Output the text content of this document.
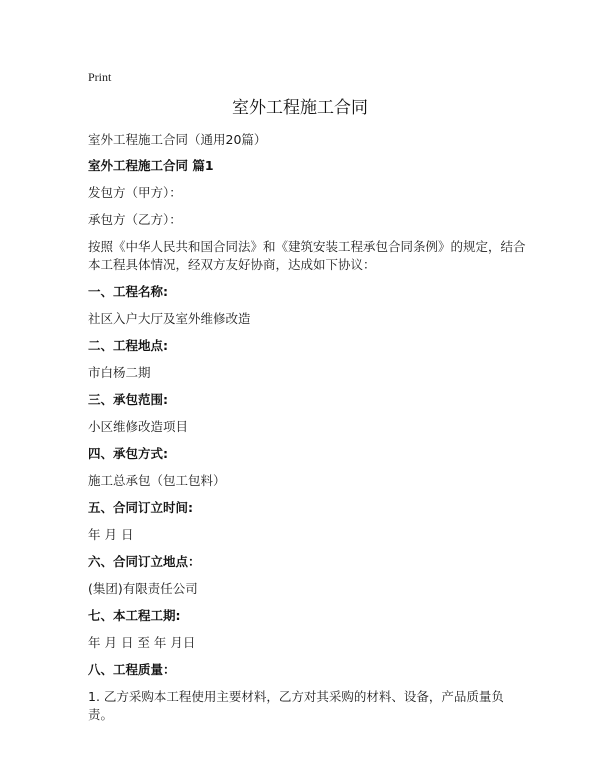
Print
室外工程施工合同

室外工程施工合同（通用20篇）

室外工程施工合同 篇1

发包方（甲方）：

承包方（乙方）：

按照《中华人民共和国合同法》和《建筑安装工程承包合同条例》的规定，结合本工程具体情况，经双方友好协商，达成如下协议：

一、工程名称:

社区入户大厅及室外维修改造

二、工程地点:

市白杨二期

三、承包范围:

小区维修改造项目

四、承包方式:

施工总承包（包工包料）

五、合同订立时间:

年 月 日

六、合同订立地点：

(集团)有限责任公司

七、本工程工期:

年 月 日 至 年 月日

八、工程质量：

1. 乙方采购本工程使用主要材料，乙方对其采购的材料、设备，产品质量负责。
